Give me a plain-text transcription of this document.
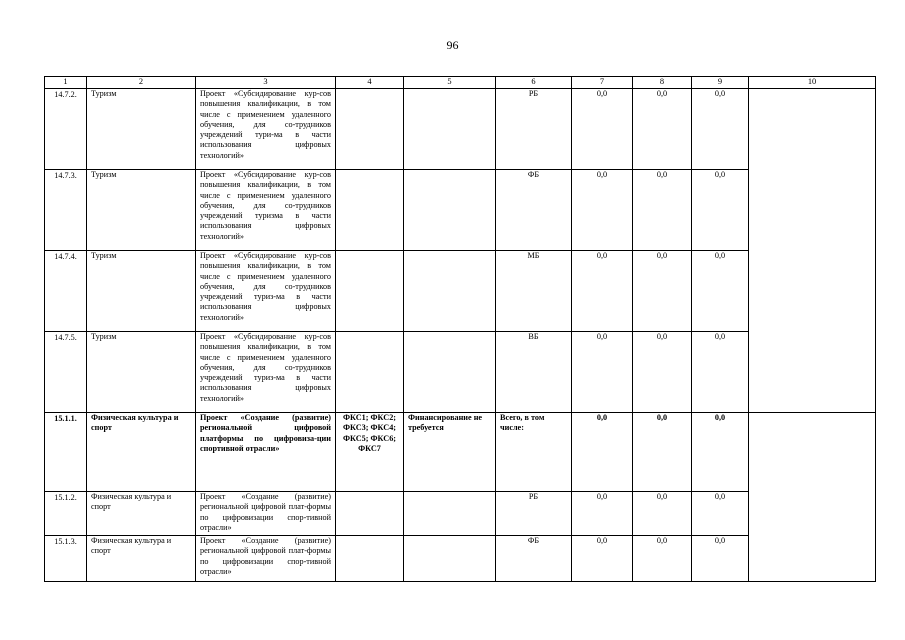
96
1	2	3	4	5	6	7	8	9	10
14.7.2.	Туризм	Проект «Субсидирование кур-сов повышения квалификации, в том числе с применением удаленного обучения, для со-трудников учреждений тури-ма в части использования цифровых технологий»			РБ	0,0	0,0	0,0	
14.7.3.	Туризм	Проект «Субсидирование кур-сов повышения квалификации, в том числе с применением удаленного обучения, для со-трудников учреждений туризма в части использования цифровых технологий»			ФБ	0,0	0,0	0,0	
14.7.4.	Туризм	Проект «Субсидирование кур-сов повышения квалификации, в том числе с применением удаленного обучения, для со-трудников учреждений туриз-ма в части использования цифровых технологий»			МБ	0,0	0,0	0,0	
14.7.5.	Туризм	Проект «Субсидирование кур-сов повышения квалификации, в том числе с применением удаленного обучения, для со-трудников учреждений туриз-ма в части использования цифровых технологий»			ВБ	0,0	0,0	0,0	
15.1.1.	Физическая культура и спорт	Проект «Создание (развитие) региональной цифровой платформы по цифровиза-ции спортивной отрасли»	ФКС1; ФКС2; ФКС3; ФКС4; ФКС5; ФКС6; ФКС7	Финансирование не требуется	Всего, в том числе:	0,0	0,0	0,0	
15.1.2.	Физическая культура и спорт	Проект «Создание (развитие) региональной цифровой плат-формы по цифровизации спор-тивной отрасли»			РБ	0,0	0,0	0,0	
15.1.3.	Физическая культура и спорт	Проект «Создание (развитие) региональной цифровой плат-формы по цифровизации спор-тивной отрасли»			ФБ	0,0	0,0	0,0	
